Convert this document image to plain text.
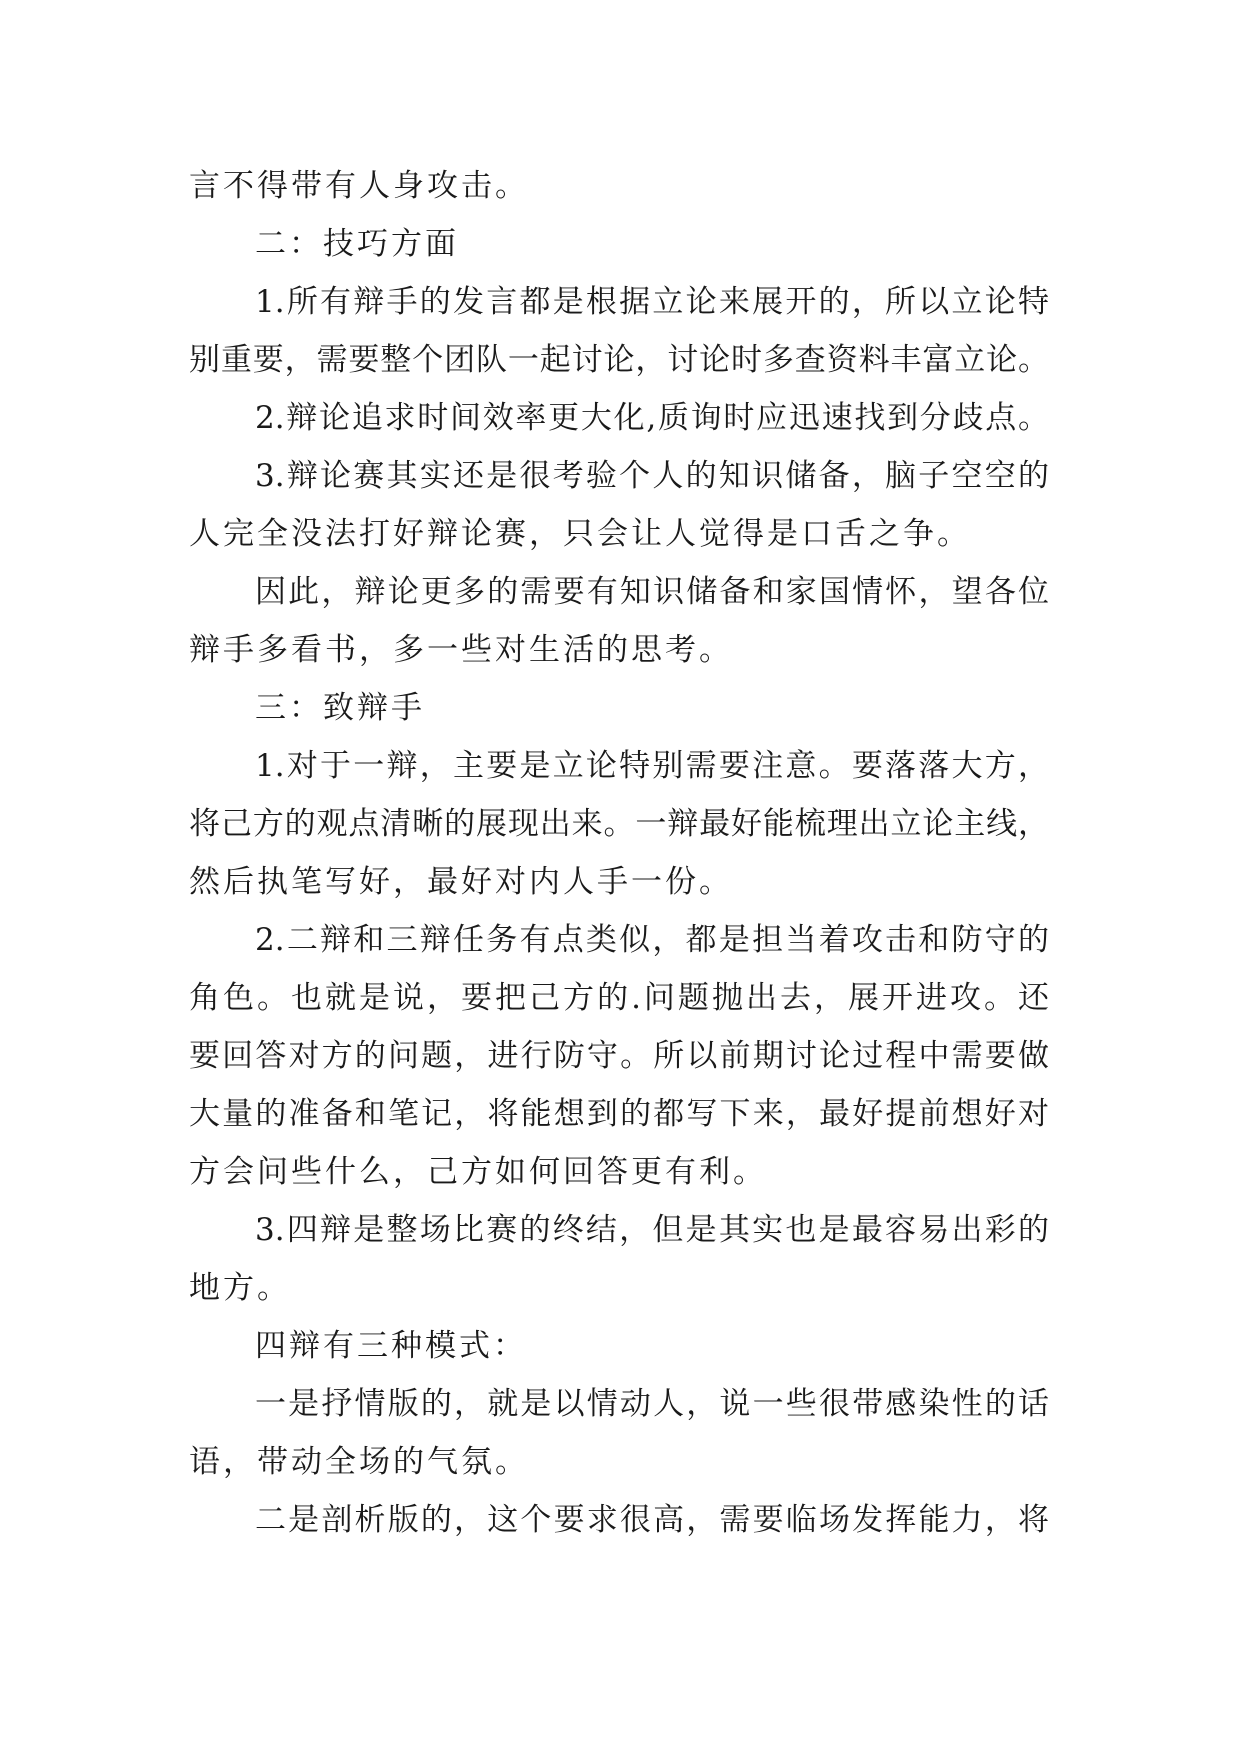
言不得带有人身攻击。
二：技巧方面
1.所有辩手的发言都是根据立论来展开的，所以立论特
别重要，需要整个团队一起讨论，讨论时多查资料丰富立论。
2.辩论追求时间效率更大化,质询时应迅速找到分歧点。
3.辩论赛其实还是很考验个人的知识储备，脑子空空的
人完全没法打好辩论赛，只会让人觉得是口舌之争。
因此，辩论更多的需要有知识储备和家国情怀，望各位
辩手多看书，多一些对生活的思考。
三：致辩手
1.对于一辩，主要是立论特别需要注意。要落落大方，
将己方的观点清晰的展现出来。一辩最好能梳理出立论主线，
然后执笔写好，最好对内人手一份。
2.二辩和三辩任务有点类似，都是担当着攻击和防守的
角色。也就是说，要把己方的.问题抛出去，展开进攻。还
要回答对方的问题，进行防守。所以前期讨论过程中需要做
大量的准备和笔记，将能想到的都写下来，最好提前想好对
方会问些什么，己方如何回答更有利。
3.四辩是整场比赛的终结，但是其实也是最容易出彩的
地方。
四辩有三种模式：
一是抒情版的，就是以情动人，说一些很带感染性的话
语，带动全场的气氛。
二是剖析版的，这个要求很高，需要临场发挥能力，将
